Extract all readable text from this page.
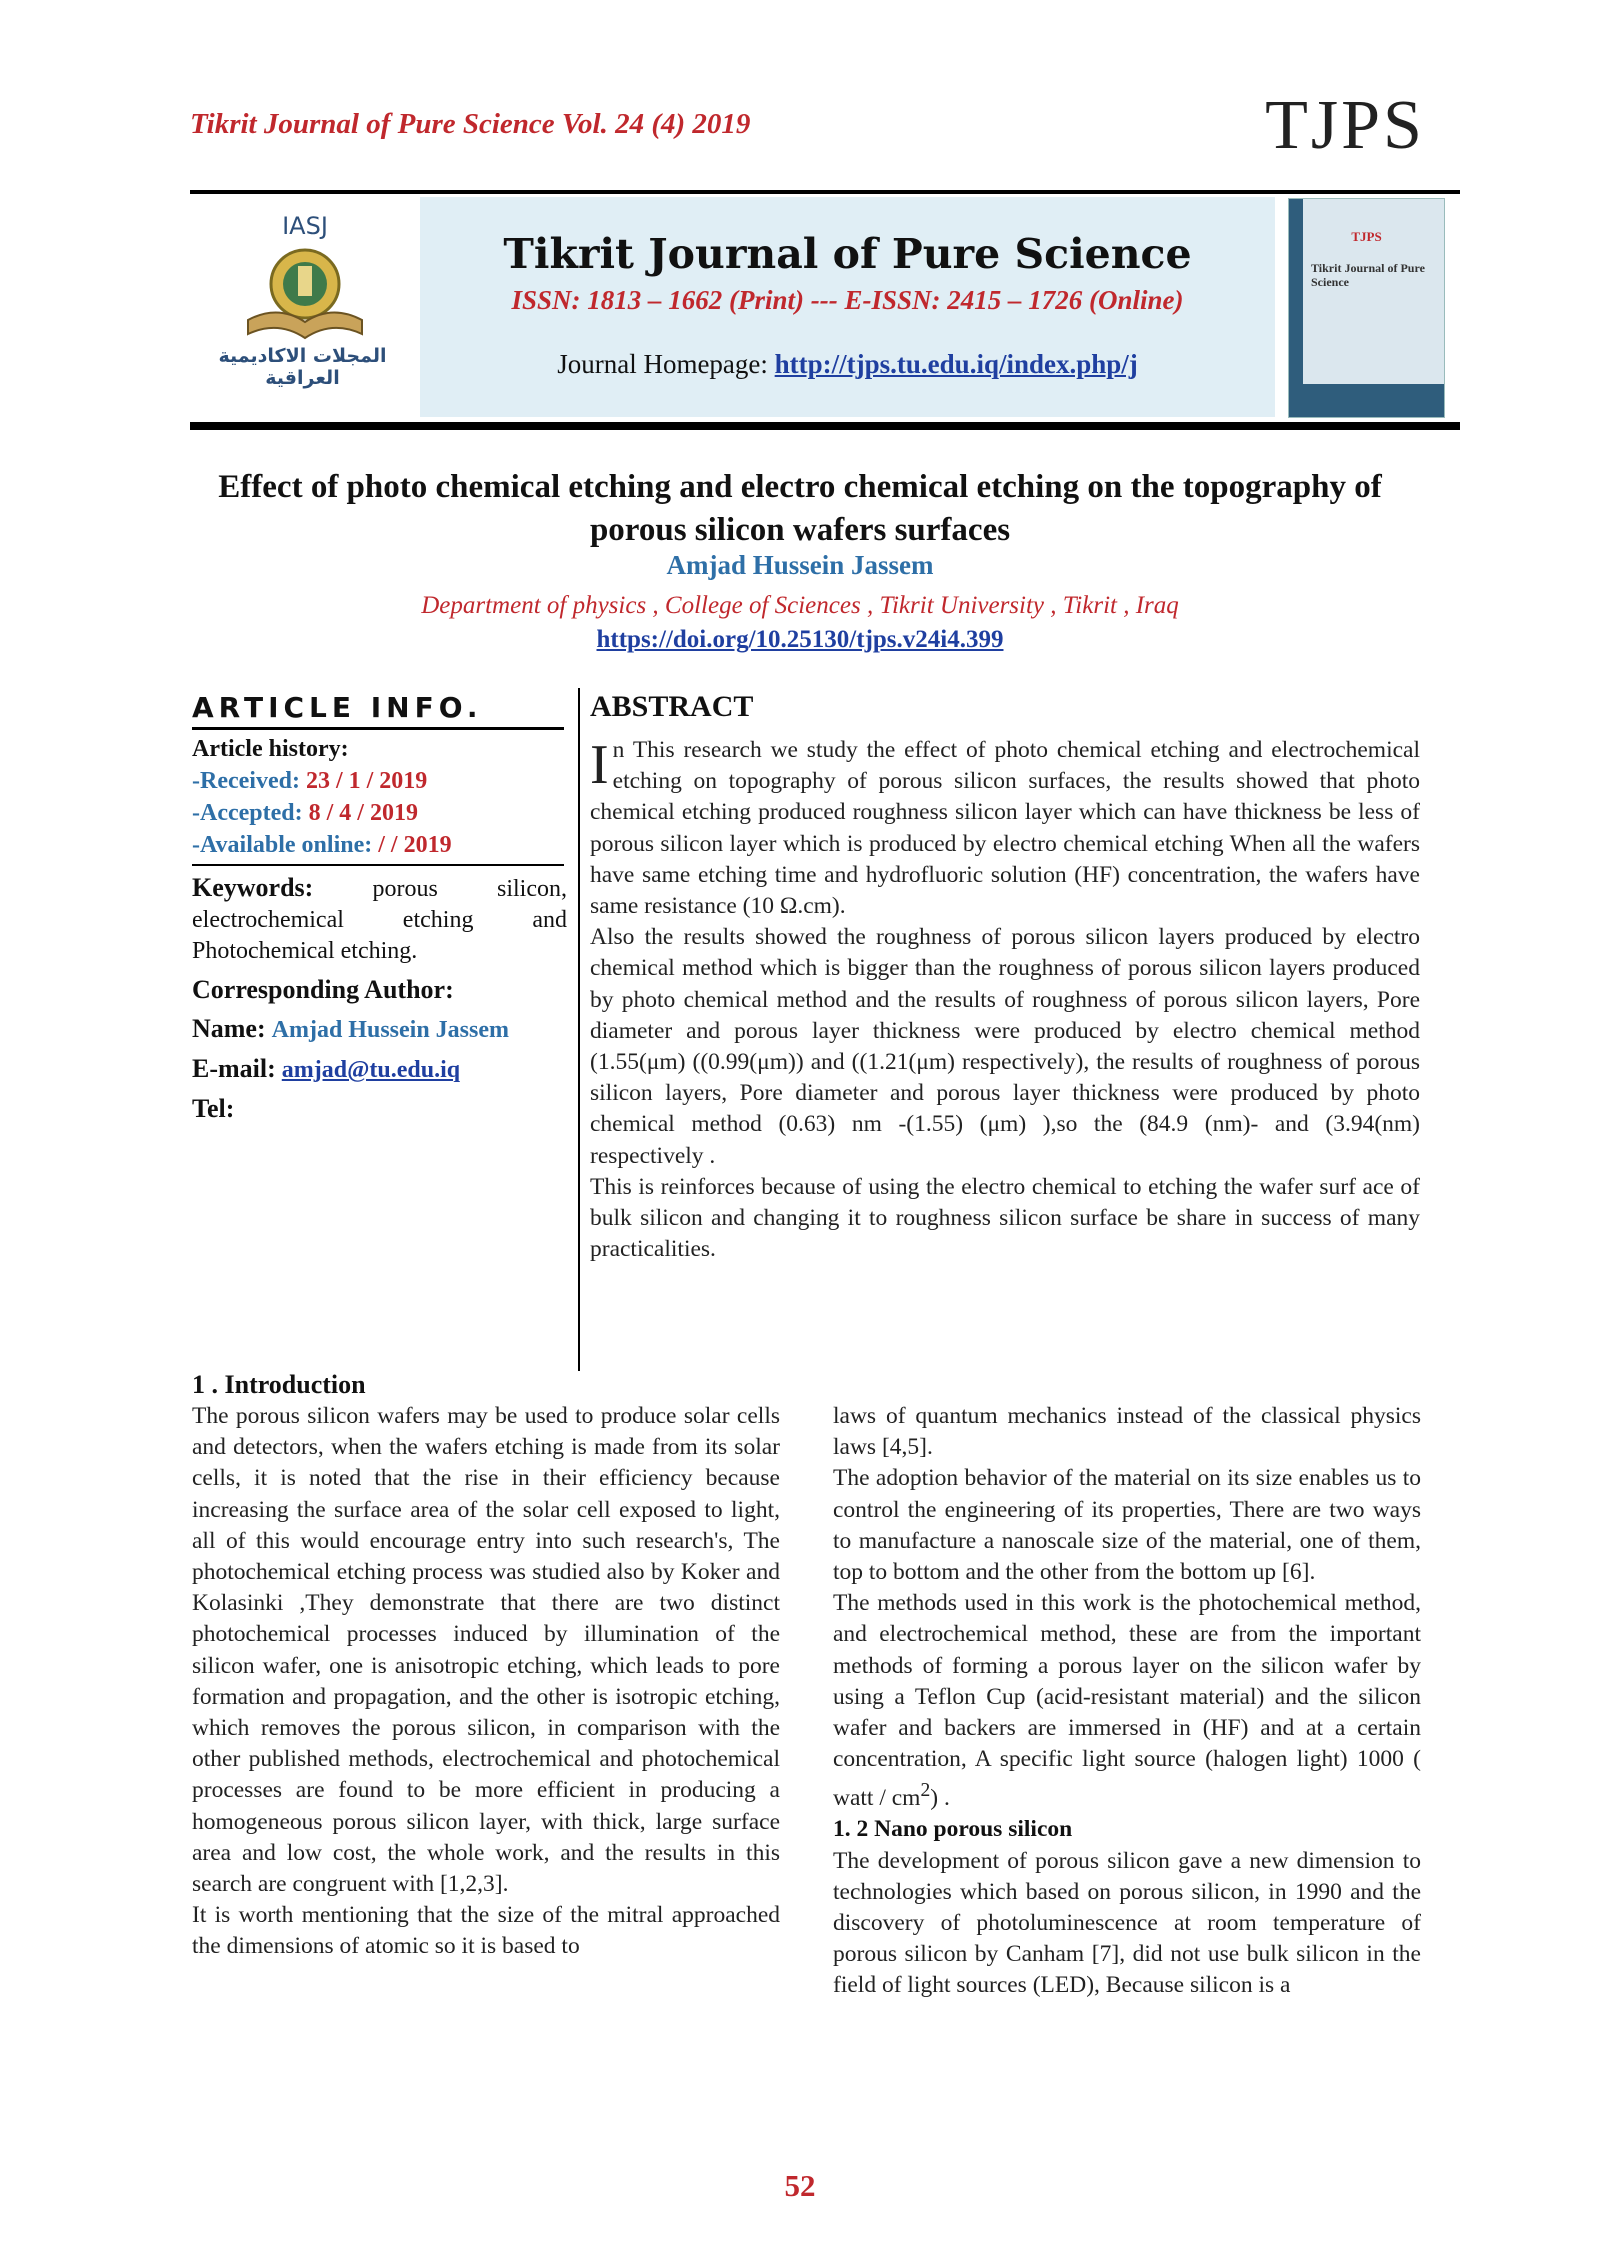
Tikrit Journal of Pure Science Vol. 24 (4) 2019	TJPS
IASJ
المجلات الاكاديمية العراقية
Tikrit Journal of Pure Science
ISSN: 1813 – 1662 (Print) --- E-ISSN: 2415 – 1726 (Online)
Journal Homepage: http://tjps.tu.edu.iq/index.php/j
TJPS
Tikrit Journal of Pure Science
Effect of photo chemical etching and electro chemical etching on the topography of porous silicon wafers surfaces
Amjad Hussein Jassem
Department of physics , College of Sciences , Tikrit University , Tikrit , Iraq
https://doi.org/10.25130/tjps.v24i4.399
ARTICLE INFO.
Article history:
-Received: 23 / 1 / 2019
-Accepted: 8 / 4 / 2019
-Available online: / / 2019
Keywords: porous silicon, electrochemical etching and Photochemical etching.
Corresponding Author:
Name: Amjad Hussein Jassem
E-mail: amjad@tu.edu.iq
Tel:
ABSTRACT

In This research we study the effect of photo chemical etching and electrochemical etching on topography of porous silicon surfaces, the results showed that photo chemical etching produced roughness silicon layer which can have thickness be less of porous silicon layer which is produced by electro chemical etching When all the wafers have same etching time and hydrofluoric solution (HF) concentration, the wafers have same resistance (10 Ω.cm).

Also the results showed the roughness of porous silicon layers produced by electro chemical method which is bigger than the roughness of porous silicon layers produced by photo chemical method and the results of roughness of porous silicon layers, Pore diameter and porous layer thickness were produced by electro chemical method (1.55(μm) ((0.99(μm)) and ((1.21(μm) respectively), the results of roughness of porous silicon layers, Pore diameter and porous layer thickness were produced by photo chemical method (0.63) nm -(1.55) (μm) ),so the (84.9 (nm)- and (3.94(nm) respectively .

This is reinforces because of using the electro chemical to etching the wafer surf ace of bulk silicon and changing it to roughness silicon surface be share in success of many practicalities.

1 . Introduction

The porous silicon wafers may be used to produce solar cells and detectors, when the wafers etching is made from its solar cells, it is noted that the rise in their efficiency because increasing the surface area of the solar cell exposed to light, all of this would encourage entry into such research's, The photochemical etching process was studied also by Koker and Kolasinki ,They demonstrate that there are two distinct photochemical processes induced by illumination of the silicon wafer, one is anisotropic etching, which leads to pore formation and propagation, and the other is isotropic etching, which removes the porous silicon, in comparison with the other published methods, electrochemical and photochemical processes are found to be more efficient in producing a homogeneous porous silicon layer, with thick, large surface area and low cost, the whole work, and the results in this search are congruent with [1,2,3].

It is worth mentioning that the size of the mitral approached the dimensions of atomic so it is based to

laws of quantum mechanics instead of the classical physics laws [4,5].

The adoption behavior of the material on its size enables us to control the engineering of its properties, There are two ways to manufacture a nanoscale size of the material, one of them, top to bottom and the other from the bottom up [6].

The methods used in this work is the photochemical method, and electrochemical method, these are from the important methods of forming a porous layer on the silicon wafer by using a Teflon Cup (acid-resistant material) and the silicon wafer and backers are immersed in (HF) and at a certain concentration, A specific light source (halogen light) 1000 ( watt / $cm^2$) .

1. 2 Nano porous silicon

The development of porous silicon gave a new dimension to technologies which based on porous silicon, in 1990 and the discovery of photoluminescence at room temperature of porous silicon by Canham [7], did not use bulk silicon in the field of light sources (LED), Because silicon is a

52
